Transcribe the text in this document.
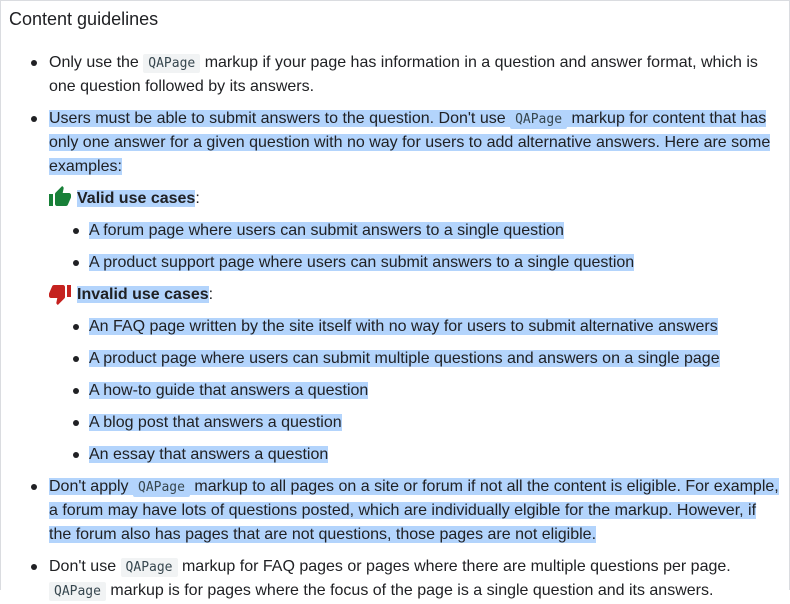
Content guidelines
Only use the QAPage markup if your page has information in a question and answer format, which is
one question followed by its answers.
Users must be able to submit answers to the question. Don't use QAPage markup for content that has
only one answer for a given question with no way for users to add alternative answers. Here are some
examples:
Valid use cases:
A forum page where users can submit answers to a single question
A product support page where users can submit answers to a single question
Invalid use cases:
An FAQ page written by the site itself with no way for users to submit alternative answers
A product page where users can submit multiple questions and answers on a single page
A how-to guide that answers a question
A blog post that answers a question
An essay that answers a question
Don't apply QAPage markup to all pages on a site or forum if not all the content is eligible. For example,
a forum may have lots of questions posted, which are individually elgible for the markup. However, if
the forum also has pages that are not questions, those pages are not eligible.
Don't use QAPage markup for FAQ pages or pages where there are multiple questions per page.
QAPage markup is for pages where the focus of the page is a single question and its answers.
